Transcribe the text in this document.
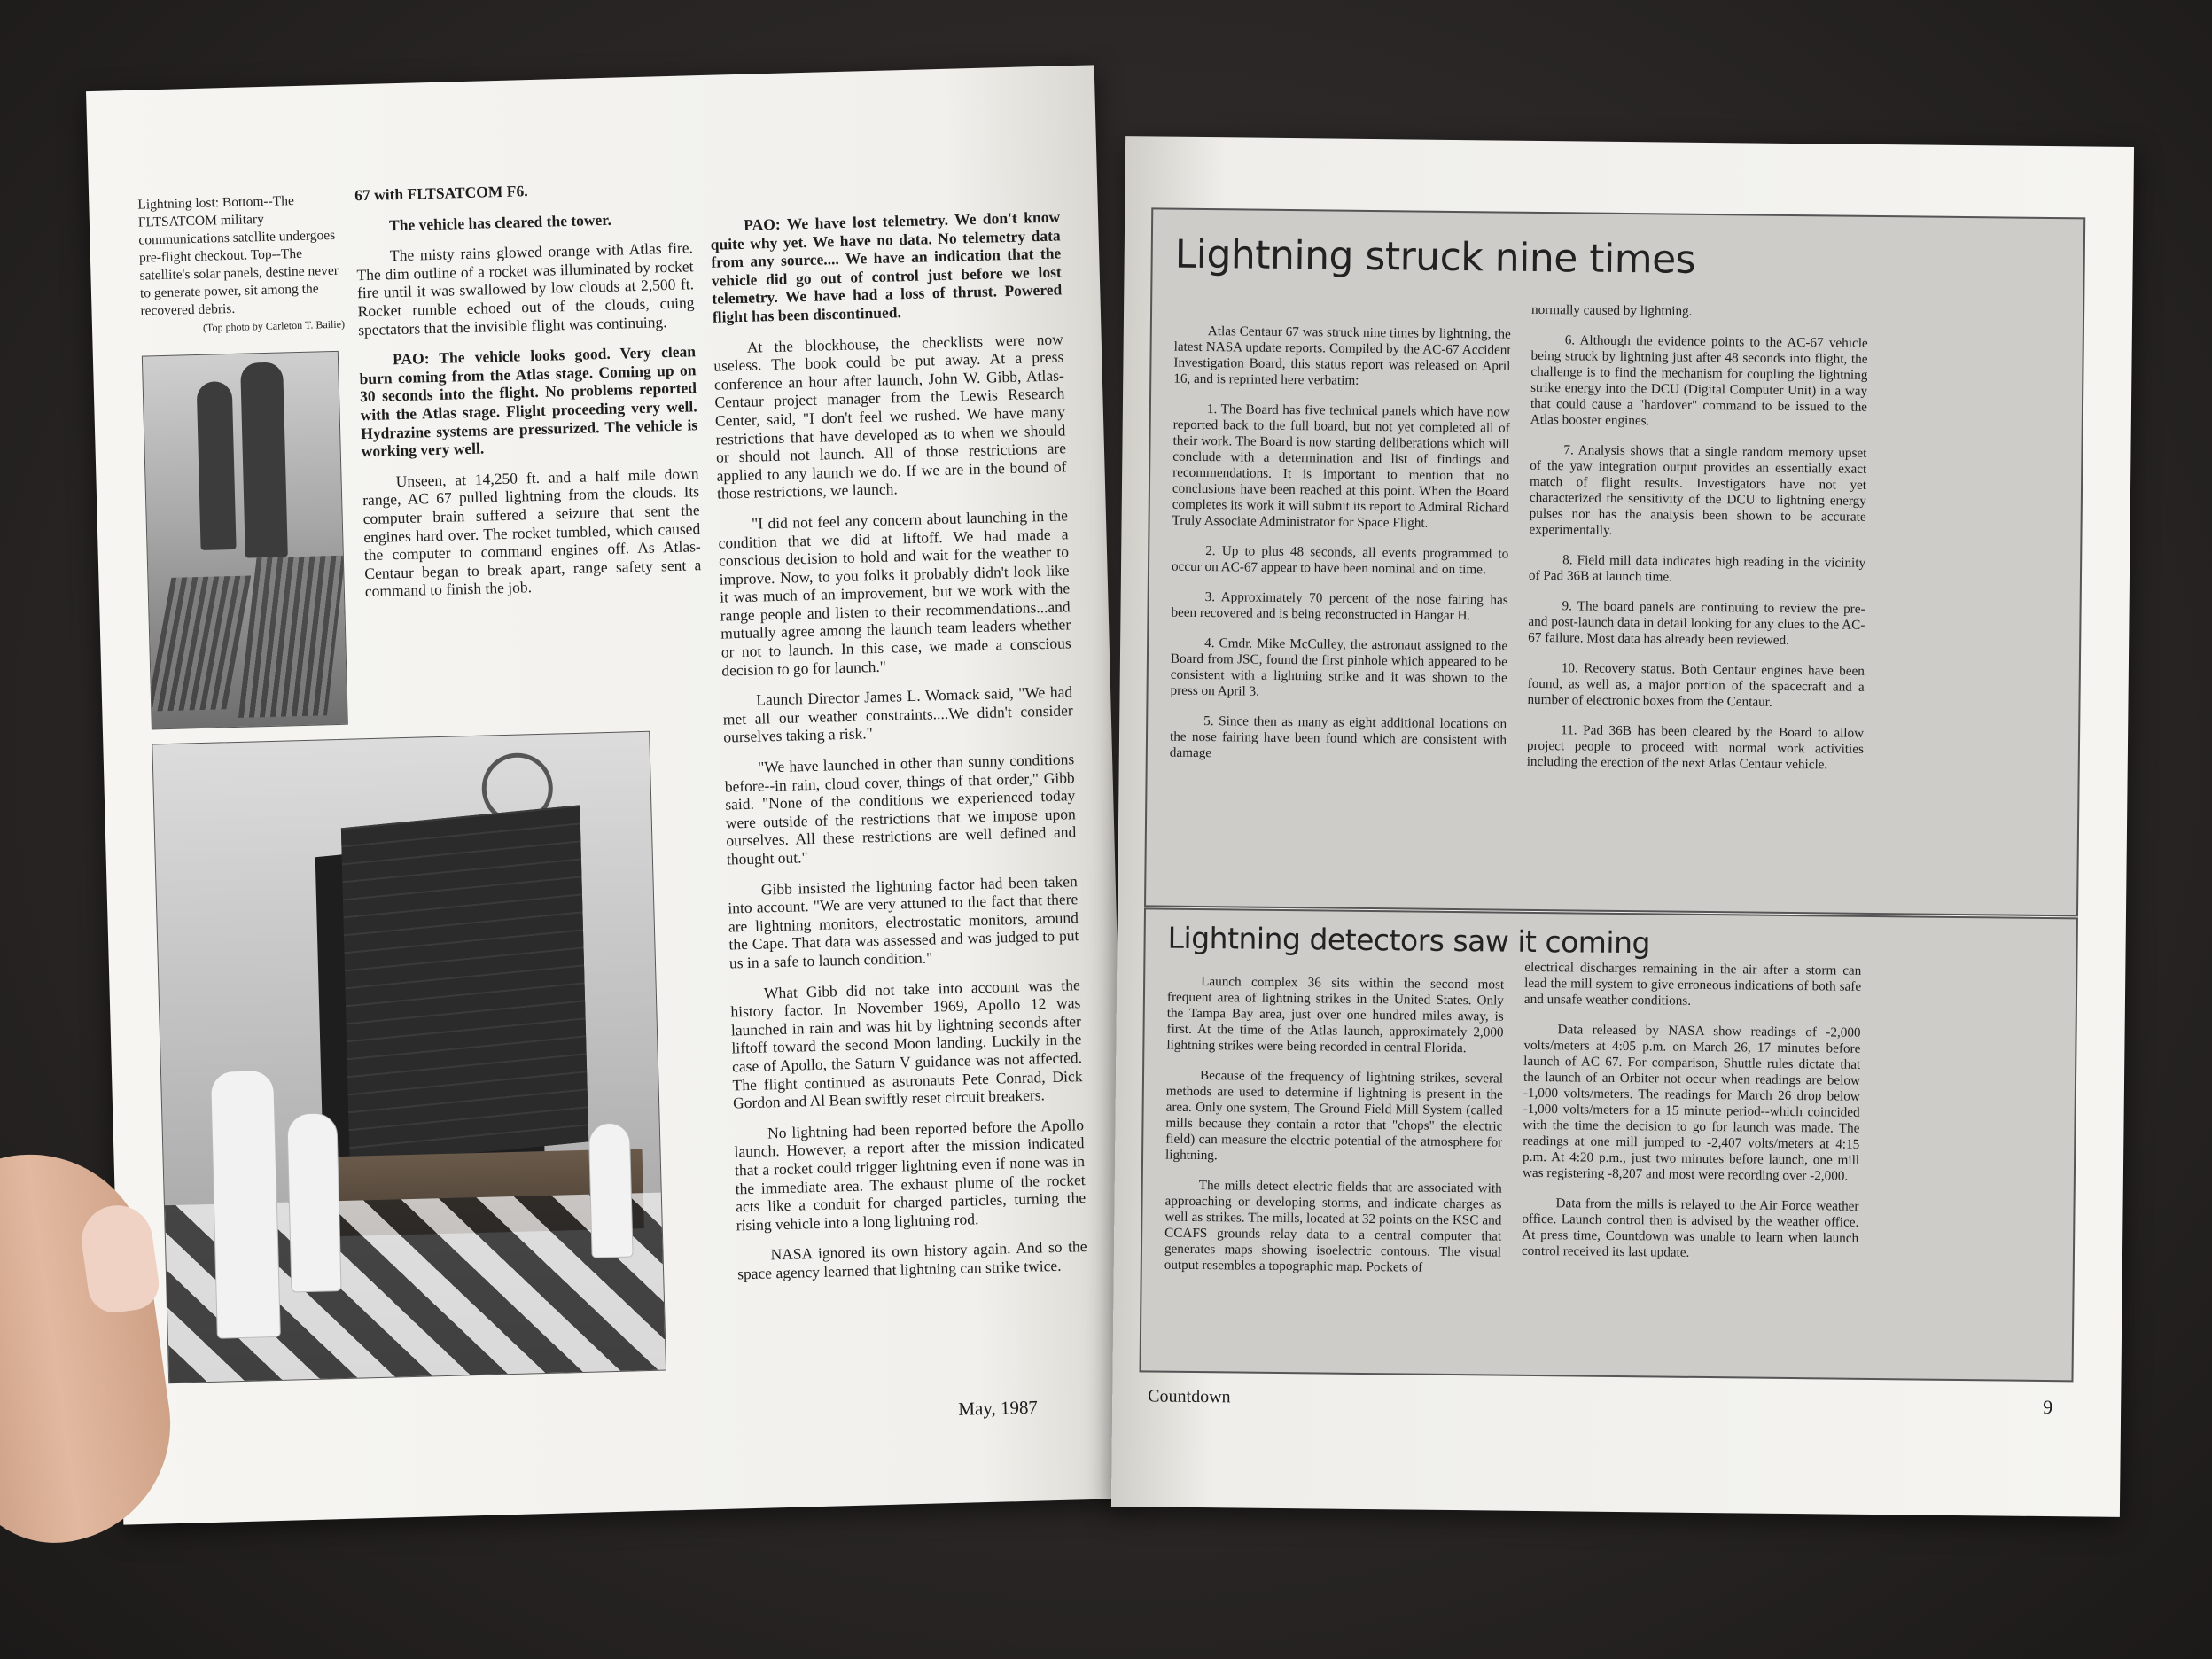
Lightning lost: Bottom--The FLTSATCOM military communications satellite undergoes pre-flight checkout. Top--The satellite's solar panels, destine never to generate power, sit among the recovered debris.
(Top photo by Carleton T. Bailie)

67 with FLTSATCOM F6.

The vehicle has cleared the tower.

The misty rains glowed orange with Atlas fire. The dim outline of a rocket was illuminated by rocket fire until it was swallowed by low clouds at 2,500 ft. Rocket rumble echoed out of the clouds, cuing spectators that the invisible flight was continuing.

PAO: The vehicle looks good. Very clean burn coming from the Atlas stage. Coming up on 30 seconds into the flight. No problems reported with the Atlas stage. Flight proceeding very well. Hydrazine systems are pressurized. The vehicle is working very well.

Unseen, at 14,250 ft. and a half mile down range, AC 67 pulled lightning from the clouds. Its computer brain suffered a seizure that sent the engines hard over. The rocket tumbled, which caused the computer to command engines off. As Atlas-Centaur began to break apart, range safety sent a command to finish the job.

PAO: We have lost telemetry. We don't know quite why yet. We have no data. No telemetry data from any source.... We have an indication that the vehicle did go out of control just before we lost telemetry. We have had a loss of thrust. Powered flight has been discontinued.

At the blockhouse, the checklists were now useless. The book could be put away. At a press conference an hour after launch, John W. Gibb, Atlas-Centaur project manager from the Lewis Research Center, said, "I don't feel we rushed. We have many restrictions that have developed as to when we should or should not launch. All of those restrictions are applied to any launch we do. If we are in the bound of those restrictions, we launch.

"I did not feel any concern about launching in the condition that we did at liftoff. We had made a conscious decision to hold and wait for the weather to improve. Now, to you folks it probably didn't look like it was much of an improvement, but we work with the range people and listen to their recommendations...and mutually agree among the launch team leaders whether or not to launch. In this case, we made a conscious decision to go for launch."

Launch Director James L. Womack said, "We had met all our weather constraints....We didn't consider ourselves taking a risk."

"We have launched in other than sunny conditions before--in rain, cloud cover, things of that order," Gibb said. "None of the conditions we experienced today were outside of the restrictions that we impose upon ourselves. All these restrictions are well defined and thought out."

Gibb insisted the lightning factor had been taken into account. "We are very attuned to the fact that there are lightning monitors, electrostatic monitors, around the Cape. That data was assessed and was judged to put us in a safe to launch condition."

What Gibb did not take into account was the history factor. In November 1969, Apollo 12 was launched in rain and was hit by lightning seconds after liftoff toward the second Moon landing. Luckily in the case of Apollo, the Saturn V guidance was not affected. The flight continued as astronauts Pete Conrad, Dick Gordon and Al Bean swiftly reset circuit breakers.

No lightning had been reported before the Apollo launch. However, a report after the mission indicated that a rocket could trigger lightning even if none was in the immediate area. The exhaust plume of the rocket acts like a conduit for charged particles, turning the rising vehicle into a long lightning rod.

NASA ignored its own history again. And so the space agency learned that lightning can strike twice.

May, 1987
Lightning struck nine times

Atlas Centaur 67 was struck nine times by lightning, the latest NASA update reports. Compiled by the AC-67 Accident Investigation Board, this status report was released on April 16, and is reprinted here verbatim:

1. The Board has five technical panels which have now reported back to the full board, but not yet completed all of their work. The Board is now starting deliberations which will conclude with a determination and list of findings and recommendations. It is important to mention that no conclusions have been reached at this point. When the Board completes its work it will submit its report to Admiral Richard Truly Associate Administrator for Space Flight.

2. Up to plus 48 seconds, all events programmed to occur on AC-67 appear to have been nominal and on time.

3. Approximately 70 percent of the nose fairing has been recovered and is being reconstructed in Hangar H.

4. Cmdr. Mike McCulley, the astronaut assigned to the Board from JSC, found the first pinhole which appeared to be consistent with a lightning strike and it was shown to the press on April 3.

5. Since then as many as eight additional locations on the nose fairing have been found which are consistent with damage

normally caused by lightning.

6. Although the evidence points to the AC-67 vehicle being struck by lightning just after 48 seconds into flight, the challenge is to find the mechanism for coupling the lightning strike energy into the DCU (Digital Computer Unit) in a way that could cause a "hardover" command to be issued to the Atlas booster engines.

7. Analysis shows that a single random memory upset of the yaw integration output provides an essentially exact match of flight results. Investigators have not yet characterized the sensitivity of the DCU to lightning energy pulses nor has the analysis been shown to be accurate experimentally.

8. Field mill data indicates high reading in the vicinity of Pad 36B at launch time.

9. The board panels are continuing to review the pre- and post-launch data in detail looking for any clues to the AC-67 failure. Most data has already been reviewed.

10. Recovery status. Both Centaur engines have been found, as well as, a major portion of the spacecraft and a number of electronic boxes from the Centaur.

11. Pad 36B has been cleared by the Board to allow project people to proceed with normal work activities including the erection of the next Atlas Centaur vehicle.

Lightning detectors saw it coming

Launch complex 36 sits within the second most frequent area of lightning strikes in the United States. Only the Tampa Bay area, just over one hundred miles away, is first. At the time of the Atlas launch, approximately 2,000 lightning strikes were being recorded in central Florida.

Because of the frequency of lightning strikes, several methods are used to determine if lightning is present in the area. Only one system, The Ground Field Mill System (called mills because they contain a rotor that "chops" the electric field) can measure the electric potential of the atmosphere for lightning.

The mills detect electric fields that are associated with approaching or developing storms, and indicate charges as well as strikes. The mills, located at 32 points on the KSC and CCAFS grounds relay data to a central computer that generates maps showing isoelectric contours. The visual output resembles a topographic map. Pockets of

electrical discharges remaining in the air after a storm can lead the mill system to give erroneous indications of both safe and unsafe weather conditions.

Data released by NASA show readings of -2,000 volts/meters at 4:05 p.m. on March 26, 17 minutes before launch of AC 67. For comparison, Shuttle rules dictate that the launch of an Orbiter not occur when readings are below -1,000 volts/meters. The readings for March 26 drop below -1,000 volts/meters for a 15 minute period--which coincided with the time the decision to go for launch was made. The readings at one mill jumped to -2,407 volts/meters at 4:15 p.m. At 4:20 p.m., just two minutes before launch, one mill was registering -8,207 and most were recording over -2,000.

Data from the mills is relayed to the Air Force weather office. Launch control then is advised by the weather office. At press time, Countdown was unable to learn when launch control received its last update.

Countdown	9
